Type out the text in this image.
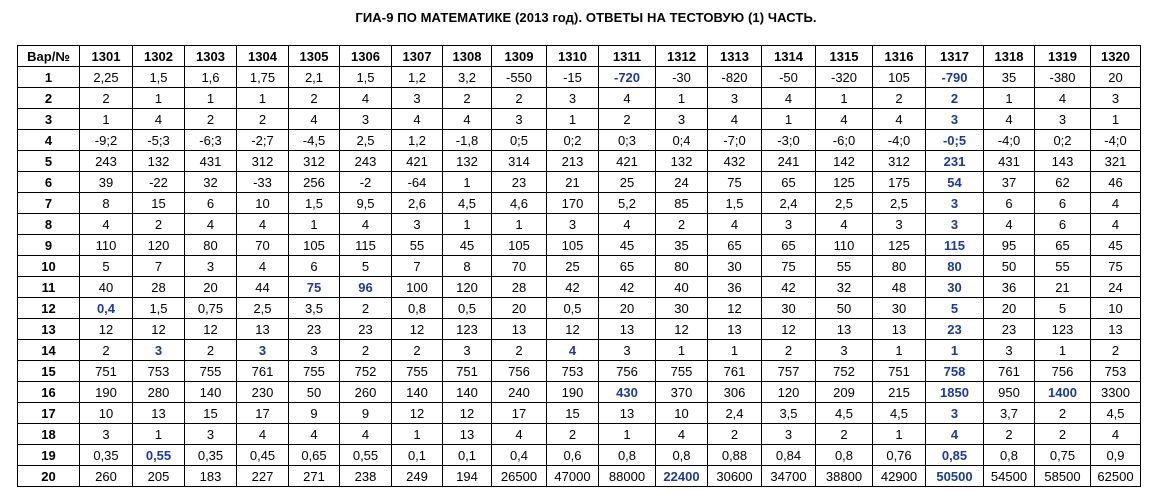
ГИА-9 ПО МАТЕМАТИКЕ (2013 год). ОТВЕТЫ НА ТЕСТОВУЮ (1) ЧАСТЬ.
Вар/№	1301	1302	1303	1304	1305	1306	1307	1308	1309	1310	1311	1312	1313	1314	1315	1316	1317	1318	1319	1320
1	2,25	1,5	1,6	1,75	2,1	1,5	1,2	3,2	-550	-15	-720	-30	-820	-50	-320	105	-790	35	-380	20
2	2	1	1	1	2	4	3	2	2	3	4	1	3	4	1	2	2	1	4	3
3	1	4	2	2	4	3	4	4	3	1	2	3	4	1	4	4	3	4	3	1
4	-9;2	-5;3	-6;3	-2;7	-4,5	2,5	1,2	-1,8	0;5	0;2	0;3	0;4	-7;0	-3;0	-6;0	-4;0	-0;5	-4;0	0;2	-4;0
5	243	132	431	312	312	243	421	132	314	213	421	132	432	241	142	312	231	431	143	321
6	39	-22	32	-33	256	-2	-64	1	23	21	25	24	75	65	125	175	54	37	62	46
7	8	15	6	10	1,5	9,5	2,6	4,5	4,6	170	5,2	85	1,5	2,4	2,5	2,5	3	6	6	4
8	4	2	4	4	1	4	3	1	1	3	4	2	4	3	4	3	3	4	6	4
9	110	120	80	70	105	115	55	45	105	105	45	35	65	65	110	125	115	95	65	45
10	5	7	3	4	6	5	7	8	70	25	65	80	30	75	55	80	80	50	55	75
11	40	28	20	44	75	96	100	120	28	42	42	40	36	42	32	48	30	36	21	24
12	0,4	1,5	0,75	2,5	3,5	2	0,8	0,5	20	0,5	20	30	12	30	50	30	5	20	5	10
13	12	12	12	13	23	23	12	123	13	12	13	12	13	12	13	13	23	23	123	13
14	2	3	2	3	3	2	2	3	2	4	3	1	1	2	3	1	1	3	1	2
15	751	753	755	761	755	752	755	751	756	753	756	755	761	757	752	751	758	761	756	753
16	190	280	140	230	50	260	140	140	240	190	430	370	306	120	209	215	1850	950	1400	3300
17	10	13	15	17	9	9	12	12	17	15	13	10	2,4	3,5	4,5	4,5	3	3,7	2	4,5
18	3	1	3	4	4	4	1	13	4	2	1	4	2	3	2	1	4	2	2	4
19	0,35	0,55	0,35	0,45	0,65	0,55	0,1	0,1	0,4	0,6	0,8	0,8	0,88	0,84	0,8	0,76	0,85	0,8	0,75	0,9
20	260	205	183	227	271	238	249	194	26500	47000	88000	22400	30600	34700	38800	42900	50500	54500	58500	62500
